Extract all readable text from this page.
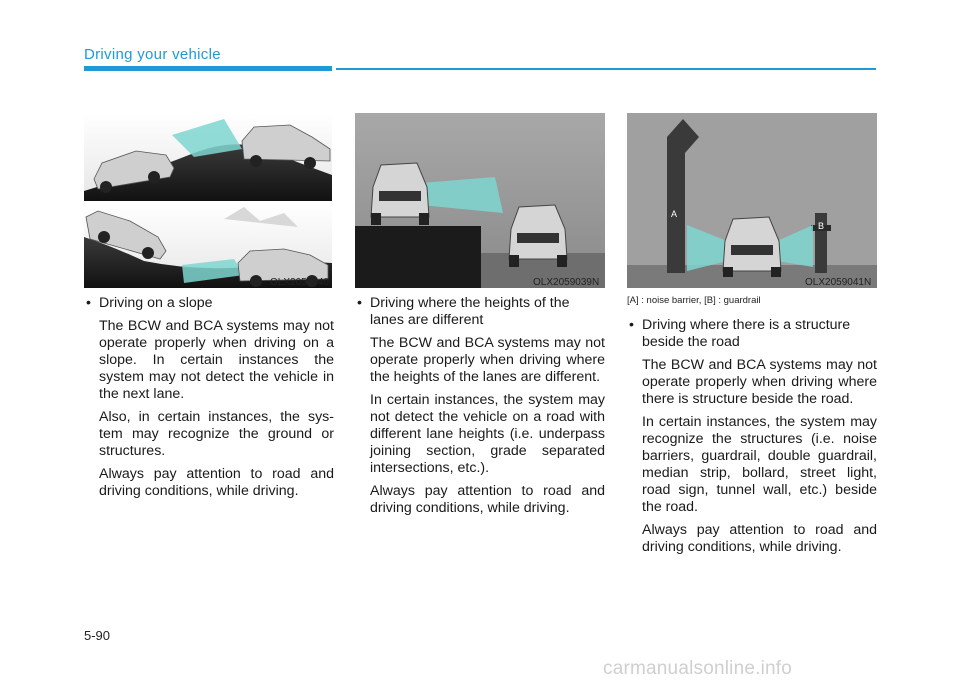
Driving your vehicle
OLX2059040	OLX2059039N
A
B
OLX2059041N
• Driving on a slope
The BCW and BCA systems may not operate properly when driving on a slope. In certain instances the system may not detect the vehicle in the next lane.
Also, in certain instances, the sys-tem may recognize the ground or structures.
Always pay attention to road and driving conditions, while driving.
• Driving where the heights of the lanes are different
The BCW and BCA systems may not operate properly when driving where the heights of the lanes are different.
In certain instances, the system may not detect the vehicle on a road with different lane heights (i.e. underpass joining section, grade separated intersections, etc.).
Always pay attention to road and driving conditions, while driving.
[A] : noise barrier, [B] : guardrail
• Driving where there is a structure beside the road
The BCW and BCA systems may not operate properly when driving where there is structure beside the road.
In certain instances, the system may recognize the structures (i.e. noise barriers, guardrail, double guardrail, median strip, bollard, street light, road sign, tunnel wall, etc.) beside the road.
Always pay attention to road and driving conditions, while driving.
5-90
carmanualsonline.info
